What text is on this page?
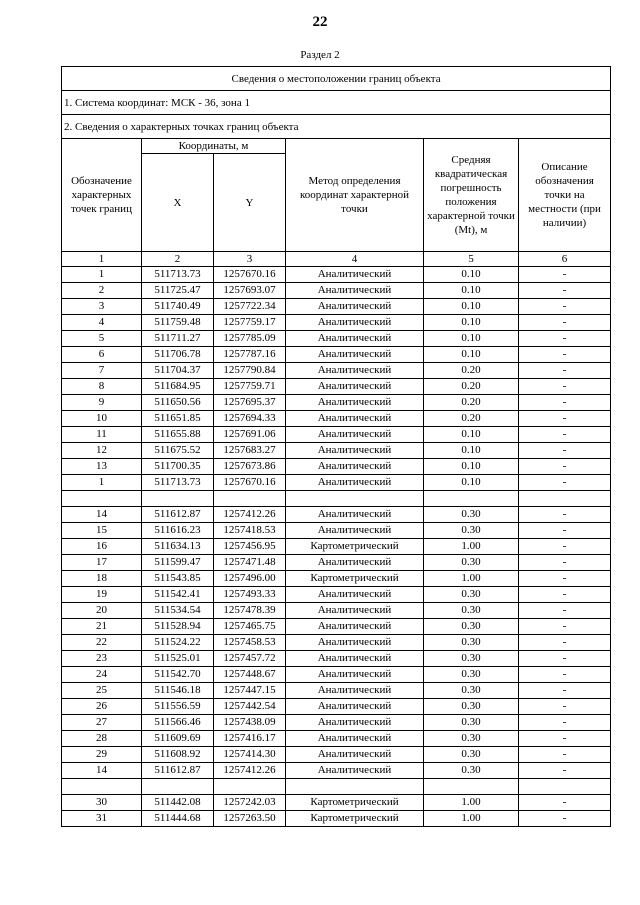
22
Раздел 2
Сведения о местоположении границ объекта					
1. Система координат: МСК - 36, зона 1					
2. Сведения о характерных точках границ объекта					
Обозначение характерных точек границ	Координаты, м		Метод определения координат характерной точки	Средняя квадратическая погрешность положения характерной точки (Mt), м	Описание обозначения точки на местности (при наличии)
	X	Y			
1	2	3	4	5	6
1	511713.73	1257670.16	Аналитический	0.10	-
2	511725.47	1257693.07	Аналитический	0.10	-
3	511740.49	1257722.34	Аналитический	0.10	-
4	511759.48	1257759.17	Аналитический	0.10	-
5	511711.27	1257785.09	Аналитический	0.10	-
6	511706.78	1257787.16	Аналитический	0.10	-
7	511704.37	1257790.84	Аналитический	0.20	-
8	511684.95	1257759.71	Аналитический	0.20	-
9	511650.56	1257695.37	Аналитический	0.20	-
10	511651.85	1257694.33	Аналитический	0.20	-
11	511655.88	1257691.06	Аналитический	0.10	-
12	511675.52	1257683.27	Аналитический	0.10	-
13	511700.35	1257673.86	Аналитический	0.10	-
1	511713.73	1257670.16	Аналитический	0.10	-

14	511612.87	1257412.26	Аналитический	0.30	-
15	511616.23	1257418.53	Аналитический	0.30	-
16	511634.13	1257456.95	Картометрический	1.00	-
17	511599.47	1257471.48	Аналитический	0.30	-
18	511543.85	1257496.00	Картометрический	1.00	-
19	511542.41	1257493.33	Аналитический	0.30	-
20	511534.54	1257478.39	Аналитический	0.30	-
21	511528.94	1257465.75	Аналитический	0.30	-
22	511524.22	1257458.53	Аналитический	0.30	-
23	511525.01	1257457.72	Аналитический	0.30	-
24	511542.70	1257448.67	Аналитический	0.30	-
25	511546.18	1257447.15	Аналитический	0.30	-
26	511556.59	1257442.54	Аналитический	0.30	-
27	511566.46	1257438.09	Аналитический	0.30	-
28	511609.69	1257416.17	Аналитический	0.30	-
29	511608.92	1257414.30	Аналитический	0.30	-
14	511612.87	1257412.26	Аналитический	0.30	-

30	511442.08	1257242.03	Картометрический	1.00	-
31	511444.68	1257263.50	Картометрический	1.00	-
